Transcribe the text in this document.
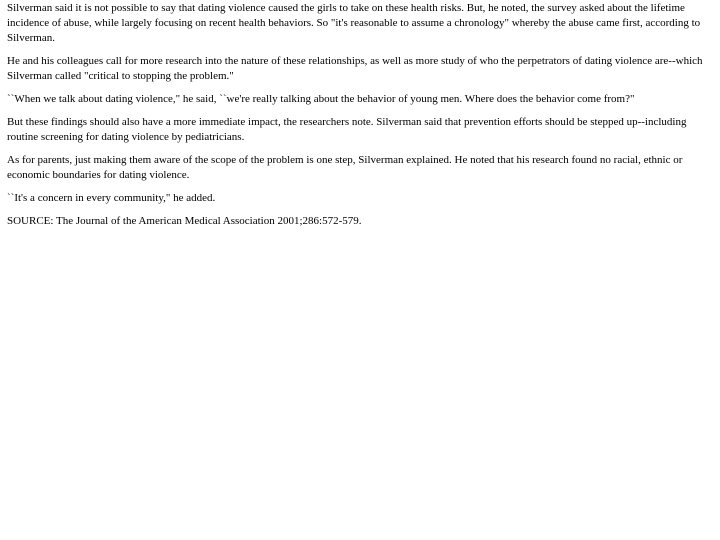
Silverman said it is not possible to say that dating violence caused the girls to take on these health risks. But, he noted, the survey asked about the lifetime incidence of abuse, while largely focusing on recent health behaviors. So "it's reasonable to assume a chronology" whereby the abuse came first, according to Silverman.

He and his colleagues call for more research into the nature of these relationships, as well as more study of who the perpetrators of dating violence are--which Silverman called "critical to stopping the problem."

``When we talk about dating violence," he said, ``we're really talking about the behavior of young men. Where does the behavior come from?"

But these findings should also have a more immediate impact, the researchers note. Silverman said that prevention efforts should be stepped up--including routine screening for dating violence by pediatricians.

As for parents, just making them aware of the scope of the problem is one step, Silverman explained. He noted that his research found no racial, ethnic or economic boundaries for dating violence.

``It's a concern in every community," he added.

SOURCE: The Journal of the American Medical Association 2001;286:572-579.
